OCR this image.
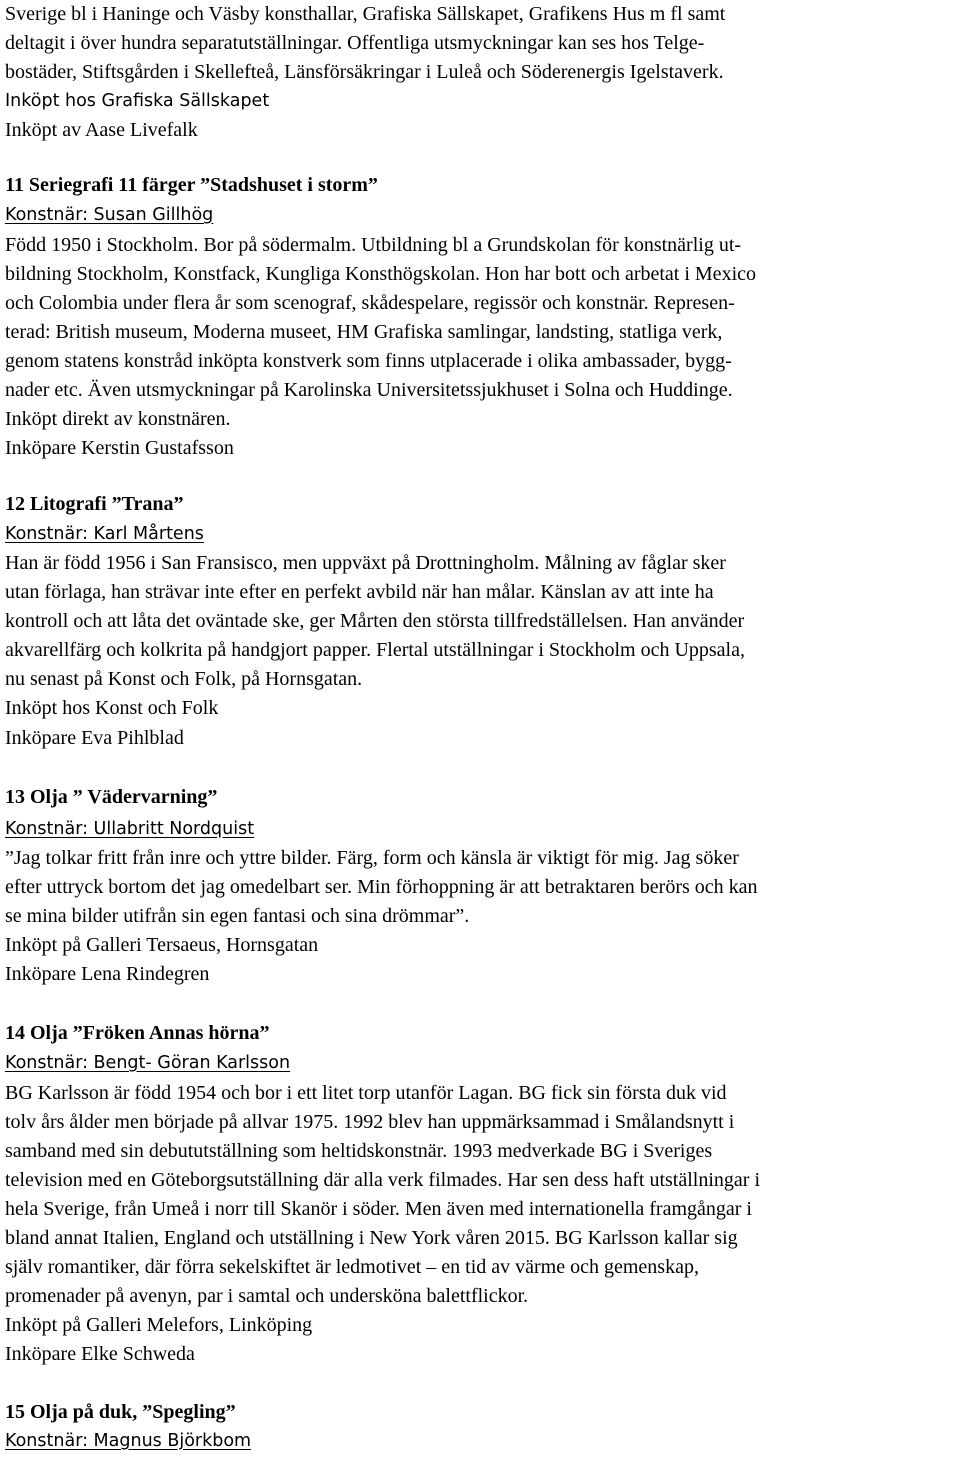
Sverige bl i Haninge och Väsby konsthallar, Grafiska Sällskapet, Grafikens Hus m fl samt
deltagit i över hundra separatutställningar. Offentliga utsmyckningar kan ses hos Telge-
bostäder, Stiftsgården i Skellefteå, Länsförsäkringar i Luleå och Söderenergis Igelstaverk.
Inköpt hos Grafiska Sällskapet
Inköpt av Aase Livefalk
11 Seriegrafi 11 färger ”Stadshuset i storm”
Konstnär: Susan Gillhög
Född 1950 i Stockholm. Bor på södermalm. Utbildning bl a Grundskolan för konstnärlig ut-
bildning Stockholm, Konstfack, Kungliga Konsthögskolan. Hon har bott och arbetat i Mexico
och Colombia under flera år som scenograf, skådespelare, regissör och konstnär. Represen-
terad: British museum, Moderna museet, HM Grafiska samlingar, landsting, statliga verk,
genom statens konstråd inköpta konstverk som finns utplacerade i olika ambassader, bygg-
nader etc. Även utsmyckningar på Karolinska Universitetssjukhuset i Solna och Huddinge.
Inköpt direkt av konstnären.
Inköpare Kerstin Gustafsson
12 Litografi ”Trana”
Konstnär: Karl Mårtens
Han är född 1956 i San Fransisco, men uppväxt på Drottningholm. Målning av fåglar sker
utan förlaga, han strävar inte efter en perfekt avbild när han målar. Känslan av att inte ha
kontroll och att låta det oväntade ske, ger Mårten den största tillfredställelsen. Han använder
akvarellfärg och kolkrita på handgjort papper. Flertal utställningar i Stockholm och Uppsala,
nu senast på Konst och Folk, på Hornsgatan.
Inköpt hos Konst och Folk
Inköpare Eva Pihlblad
13 Olja ” Vädervarning”
Konstnär: Ullabritt Nordquist
”Jag tolkar fritt från inre och yttre bilder. Färg, form och känsla är viktigt för mig. Jag söker
efter uttryck bortom det jag omedelbart ser. Min förhoppning är att betraktaren berörs och kan
se mina bilder utifrån sin egen fantasi och sina drömmar”.
Inköpt på Galleri Tersaeus, Hornsgatan
Inköpare Lena Rindegren
14 Olja ”Fröken Annas hörna”
Konstnär: Bengt- Göran Karlsson
BG Karlsson är född 1954 och bor i ett litet torp utanför Lagan. BG fick sin första duk vid
tolv års ålder men började på allvar 1975. 1992 blev han uppmärksammad i Smålandsnytt i
samband med sin debututställning som heltidskonstnär. 1993 medverkade BG i Sveriges
television med en Göteborgsutställning där alla verk filmades. Har sen dess haft utställningar i
hela Sverige, från Umeå i norr till Skanör i söder. Men även med internationella framgångar i
bland annat Italien, England och utställning i New York våren 2015. BG Karlsson kallar sig
själv romantiker, där förra sekelskiftet är ledmotivet – en tid av värme och gemenskap,
promenader på avenyn, par i samtal och undersköna balettflickor.
Inköpt på Galleri Melefors, Linköping
Inköpare Elke Schweda
15 Olja på duk, ”Spegling”
Konstnär: Magnus Björkbom
